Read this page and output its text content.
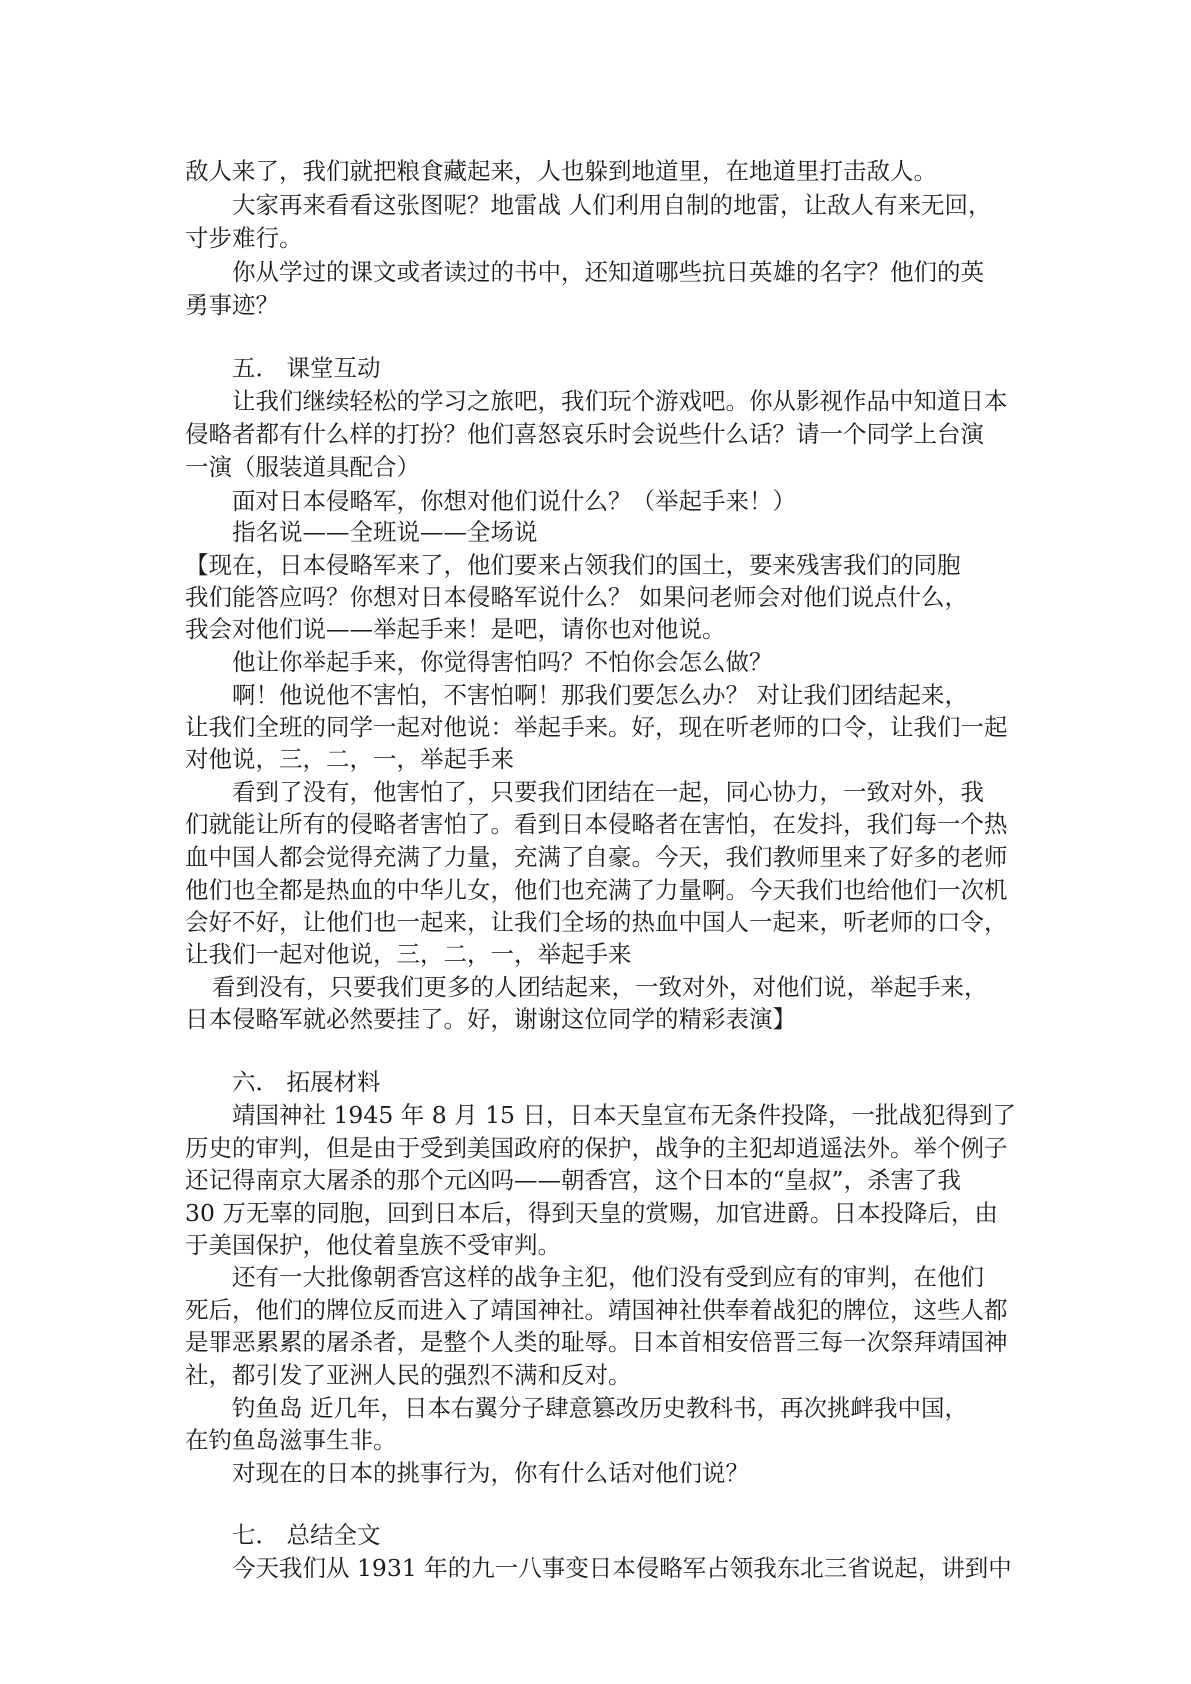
敌人来了，我们就把粮食藏起来，人也躲到地道里，在地道里打击敌人。

大家再来看看这张图呢？地雷战 人们利用自制的地雷，让敌人有来无回，

寸步难行。

你从学过的课文或者读过的书中，还知道哪些抗日英雄的名字？他们的英

勇事迹？

五． 课堂互动

让我们继续轻松的学习之旅吧，我们玩个游戏吧。你从影视作品中知道日本

侵略者都有什么样的打扮？他们喜怒哀乐时会说些什么话？请一个同学上台演

一演（服装道具配合）

面对日本侵略军，你想对他们说什么？（举起手来！）

指名说——全班说——全场说

【现在，日本侵略军来了，他们要来占领我们的国土，要来残害我们的同胞

我们能答应吗？你想对日本侵略军说什么？ 如果问老师会对他们说点什么，

我会对他们说——举起手来！是吧，请你也对他说。

他让你举起手来，你觉得害怕吗？不怕你会怎么做？

啊！他说他不害怕，不害怕啊！那我们要怎么办？ 对让我们团结起来，

让我们全班的同学一起对他说：举起手来。好，现在听老师的口令，让我们一起

对他说，三，二，一，举起手来

看到了没有，他害怕了，只要我们团结在一起，同心协力，一致对外，我

们就能让所有的侵略者害怕了。看到日本侵略者在害怕，在发抖，我们每一个热

血中国人都会觉得充满了力量，充满了自豪。今天，我们教师里来了好多的老师

他们也全都是热血的中华儿女，他们也充满了力量啊。今天我们也给他们一次机

会好不好，让他们也一起来，让我们全场的热血中国人一起来，听老师的口令，

让我们一起对他说，三，二，一，举起手来

看到没有，只要我们更多的人团结起来，一致对外，对他们说，举起手来，

日本侵略军就必然要挂了。好，谢谢这位同学的精彩表演】

六． 拓展材料

靖国神社 1945 年 8 月 15 日，日本天皇宣布无条件投降，一批战犯得到了

历史的审判，但是由于受到美国政府的保护，战争的主犯却逍遥法外。举个例子

还记得南京大屠杀的那个元凶吗——朝香宫，这个日本的“皇叔”，杀害了我

30 万无辜的同胞，回到日本后，得到天皇的赏赐，加官进爵。日本投降后，由

于美国保护，他仗着皇族不受审判。

还有一大批像朝香宫这样的战争主犯，他们没有受到应有的审判，在他们

死后，他们的牌位反而进入了靖国神社。靖国神社供奉着战犯的牌位，这些人都

是罪恶累累的屠杀者，是整个人类的耻辱。日本首相安倍晋三每一次祭拜靖国神

社，都引发了亚洲人民的强烈不满和反对。

钓鱼岛 近几年，日本右翼分子肆意篡改历史教科书，再次挑衅我中国，

在钓鱼岛滋事生非。

对现在的日本的挑事行为，你有什么话对他们说？

七． 总结全文

今天我们从 1931 年的九一八事变日本侵略军占领我东北三省说起，讲到中
